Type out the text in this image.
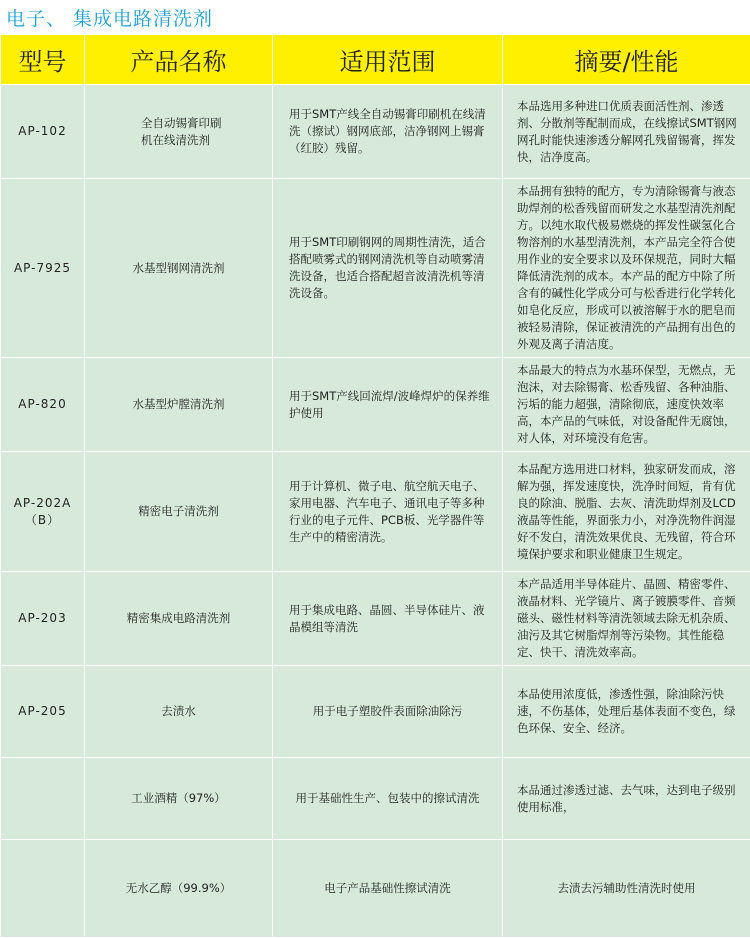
电子、 集成电路清洗剂
型号	产品名称	适用范围	摘要/性能
AP-102	全自动锡膏印刷机在线清洗剂	用于SMT产线全自动锡膏印刷机在线清洗（擦试）钢网底部，洁净钢网上锡膏（红胶）残留。	本品选用多种进口优质表面活性剂、渗透剂、分散剂等配制而成，在线擦试SMT钢网网孔时能快速渗透分解网孔残留锡膏，挥发快，洁净度高。
AP-7925	水基型钢网清洗剂	用于SMT印刷钢网的周期性清洗，适合搭配喷雾式的钢网清洗机等自动喷雾清洗设备，也适合搭配超音波清洗机等清洗设备。	本品拥有独特的配方，专为清除锡膏与液态助焊剂的松香残留而研发之水基型清洗剂配方。以纯水取代极易燃烧的挥发性碳氢化合物溶剂的水基型清洗剂，本产品完全符合使用作业的安全要求以及环保规范，同时大幅降低清洗剂的成本。本产品的配方中除了所含有的碱性化学成分可与松香进行化学转化如皂化反应，形成可以被溶解于水的肥皂而被轻易清除，保证被清洗的产品拥有出色的外观及离子清洁度。
AP-820	水基型炉膛清洗剂	用于SMT产线回流焊/波峰焊炉的保养维护使用	本品最大的特点为水基环保型，无燃点，无泡沫，对去除锡膏、松香残留、各种油脂、污垢的能力超强，清除彻底，速度快效率高，本产品的气味低，对设备配件无腐蚀，对人体，对环境没有危害。
AP-202A（B）	精密电子清洗剂	用于计算机、微子电、航空航天电子、家用电器、汽车电子、通讯电子等多种行业的电子元件、PCB板、光学器件等生产中的精密清洗。	本品配方选用进口材料，独家研发而成，溶解为强，挥发速度快，洗净时间短，肯有优良的除油、脱脂、去灰、清洗助焊剂及LCD液晶等性能，界面张力小，对净洗物件润湿好不发白，清洗效果优良、无残留，符合环境保护要求和职业健康卫生规定。
AP-203	精密集成电路清洗剂	用于集成电路、晶圆、半导体硅片、液晶模组等清洗	本产品适用半导体硅片、晶圆、精密零件、液晶材料、光学镜片、离子镀膜零件、音频磁头、磁性材料等清洗领域去除无机杂质、油污及其它树脂焊剂等污染物。其性能稳定、快干、清洗效率高。
AP-205	去渍水	用于电子塑胶件表面除油除污	本品使用浓度低，渗透性强，除油除污快速，不伤基体，处理后基体表面不变色，绿色环保、安全、经济。
	工业酒精（97%）	用于基础性生产、包装中的擦试清洗	本品通过渗透过滤、去气味，达到电子级别使用标准，
	无水乙醇（99.9%）	电子产品基础性擦试清洗	去渍去污辅助性清洗时使用
